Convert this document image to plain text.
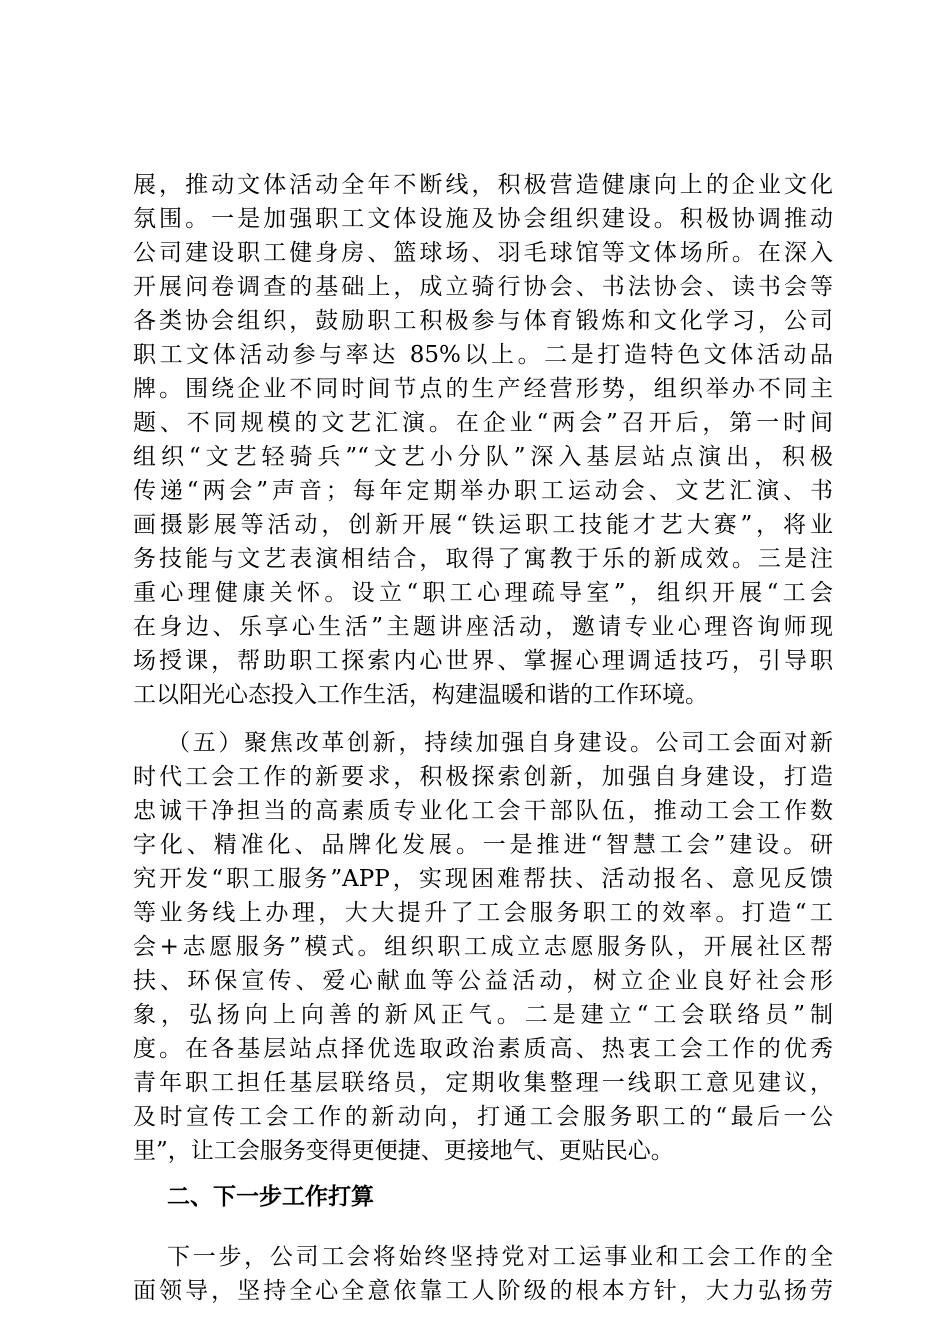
展，推动文体活动全年不断线，积极营造健康向上的企业文化
氛围。一是加强职工文体设施及协会组织建设。积极协调推动
公司建设职工健身房、篮球场、羽毛球馆等文体场所。在深入
开展问卷调查的基础上，成立骑行协会、书法协会、读书会等
各类协会组织，鼓励职工积极参与体育锻炼和文化学习，公司
职工文体活动参与率达 85%以上。二是打造特色文体活动品
牌。围绕企业不同时间节点的生产经营形势，组织举办不同主
题、不同规模的文艺汇演。在企业“两会”召开后，第一时间
组织“文艺轻骑兵”“文艺小分队”深入基层站点演出，积极
传递“两会”声音；每年定期举办职工运动会、文艺汇演、书
画摄影展等活动，创新开展“铁运职工技能才艺大赛”，将业
务技能与文艺表演相结合，取得了寓教于乐的新成效。三是注
重心理健康关怀。设立“职工心理疏导室”，组织开展“工会
在身边、乐享心生活”主题讲座活动，邀请专业心理咨询师现
场授课，帮助职工探索内心世界、掌握心理调适技巧，引导职
工以阳光心态投入工作生活，构建温暖和谐的工作环境。
（五）聚焦改革创新，持续加强自身建设。公司工会面对新
时代工会工作的新要求，积极探索创新，加强自身建设，打造
忠诚干净担当的高素质专业化工会干部队伍，推动工会工作数
字化、精准化、品牌化发展。一是推进“智慧工会”建设。研
究开发“职工服务”APP，实现困难帮扶、活动报名、意见反馈
等业务线上办理，大大提升了工会服务职工的效率。打造“工
会+志愿服务”模式。组织职工成立志愿服务队，开展社区帮
扶、环保宣传、爱心献血等公益活动，树立企业良好社会形
象，弘扬向上向善的新风正气。二是建立“工会联络员”制
度。在各基层站点择优选取政治素质高、热衷工会工作的优秀
青年职工担任基层联络员，定期收集整理一线职工意见建议，
及时宣传工会工作的新动向，打通工会服务职工的“最后一公
里”，让工会服务变得更便捷、更接地气、更贴民心。
二、下一步工作打算
下一步，公司工会将始终坚持党对工运事业和工会工作的全
面领导，坚持全心全意依靠工人阶级的根本方针，大力弘扬劳
